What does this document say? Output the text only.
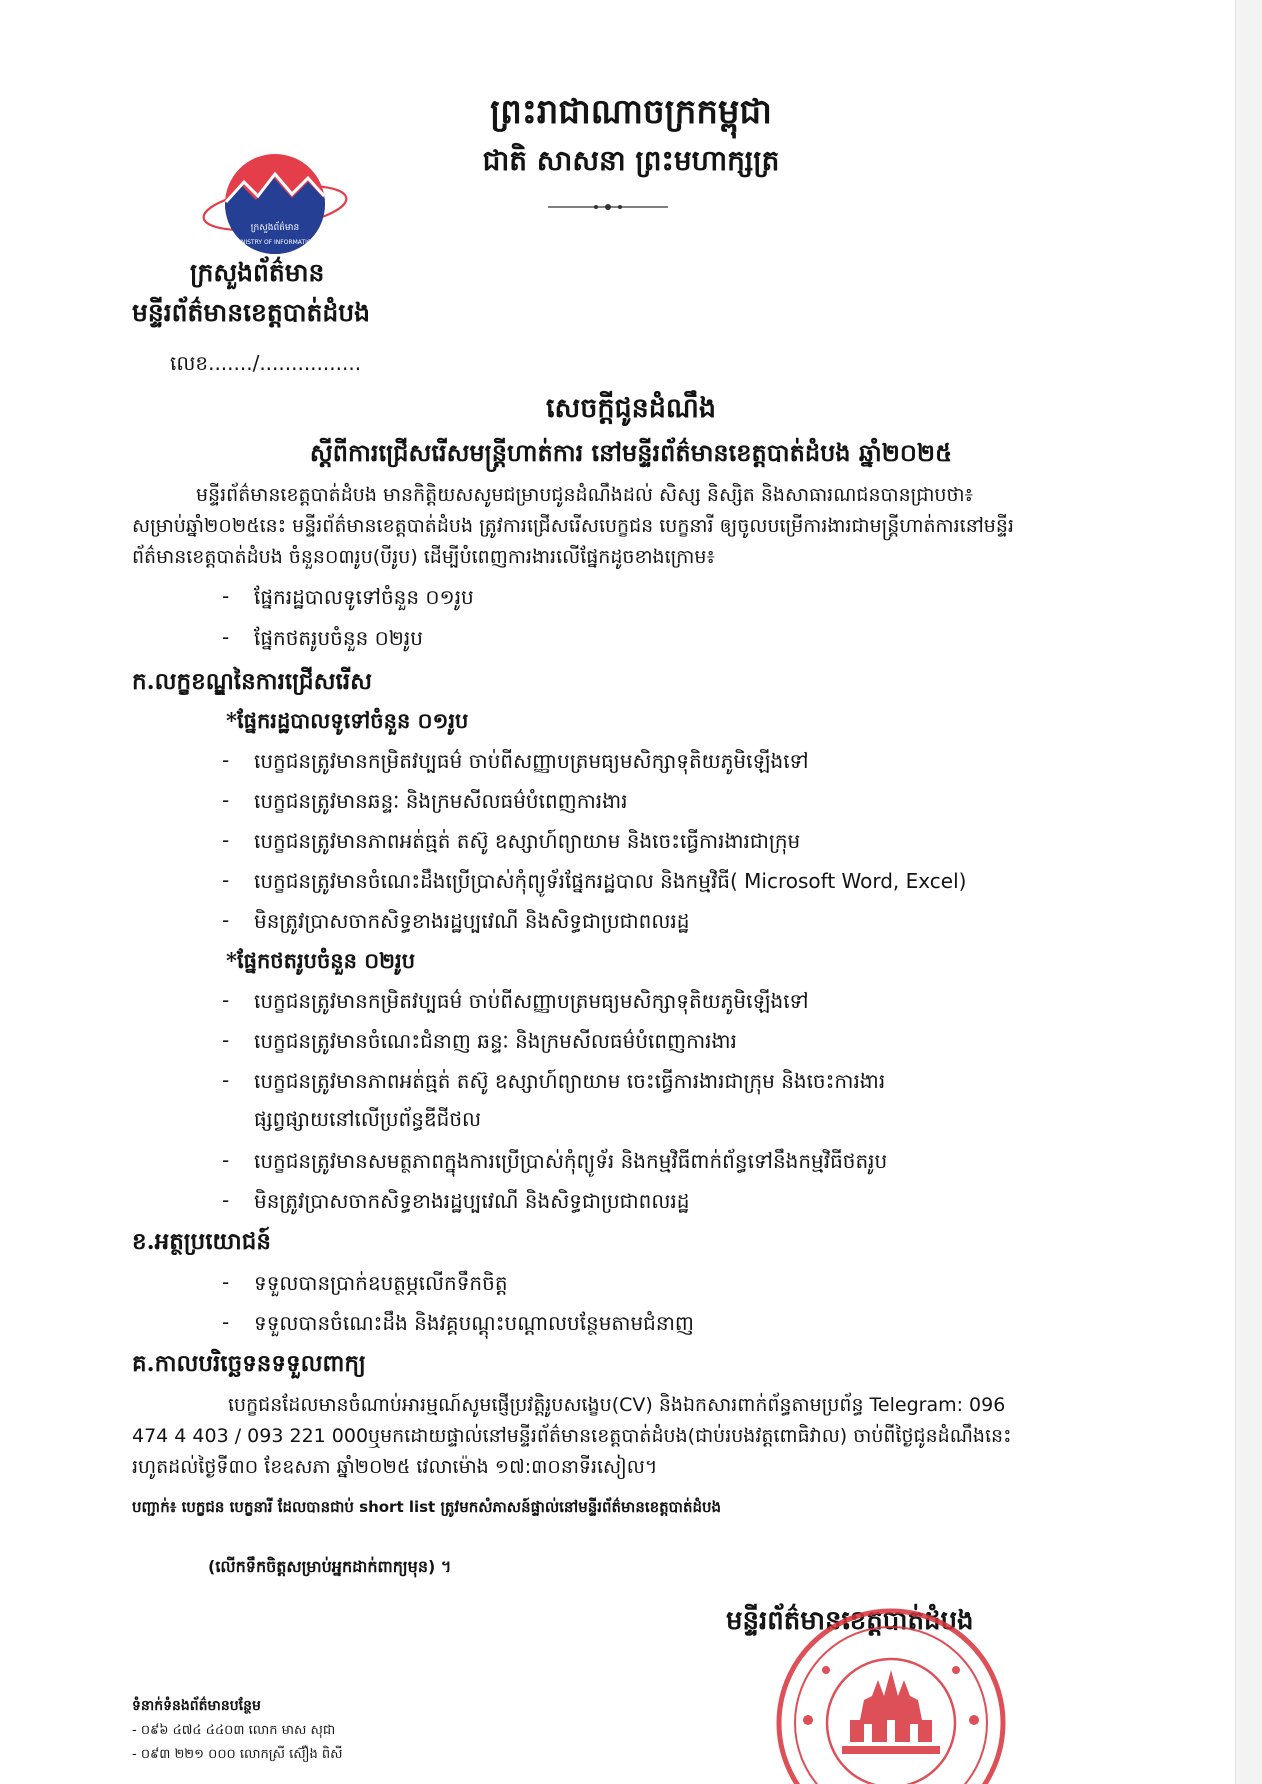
ព្រះរាជាណាចក្រកម្ពុជា
ជាតិ សាសនា ព្រះមហាក្សត្រ
ក្រសួងព័ត៌មាន
MINISTRY OF INFORMATION
ក្រសួងព័ត៌មាន
មន្ទីរព័ត៌មានខេត្តបាត់ដំបង
លេខ......./................
សេចក្តីជូនដំណឹង
ស្តីពីការជ្រើសរើសមន្ត្រីហាត់ការ នៅមន្ទីរព័ត៌មានខេត្តបាត់ដំបង ឆ្នាំ២០២៥
មន្ទីរព័ត៌មានខេត្តបាត់ដំបង មានកិត្តិយសសូមជម្រាបជូនដំណឹងដល់ សិស្ស និស្សិត និងសាធារណជនបានជ្រាបថា៖
សម្រាប់ឆ្នាំ២០២៥នេះ មន្ទីរព័ត៌មានខេត្តបាត់ដំបង ត្រូវការជ្រើសរើសបេក្ខជន បេក្ខនារី ឲ្យចូលបម្រើការងារជាមន្ត្រីហាត់ការនៅមន្ទីរ
ព័ត៌មានខេត្តបាត់ដំបង ចំនួន០៣រូប(បីរូប) ដើម្បីបំពេញការងារលើផ្នែកដូចខាងក្រោម៖
- ផ្នែករដ្ឋបាលទូទៅចំនួន ០១រូប
- ផ្នែកថតរូបចំនួន ០២រូប
ក.លក្ខខណ្ឌនៃការជ្រើសរើស
*ផ្នែករដ្ឋបាលទូទៅចំនួន ០១រូប
- បេក្ខជនត្រូវមានកម្រិតវប្បធម៌ ចាប់ពីសញ្ញាបត្រមធ្យមសិក្សាទុតិយភូមិឡើងទៅ
- បេក្ខជនត្រូវមានឆន្ទៈ និងក្រមសីលធម៌បំពេញការងារ
- បេក្ខជនត្រូវមានភាពអត់ធ្មត់ តស៊ូ ឧស្សាហ៍ព្យាយាម និងចេះធ្វើការងារជាក្រុម
- បេក្ខជនត្រូវមានចំណេះដឹងប្រើប្រាស់កុំព្យូទ័រផ្នែករដ្ឋបាល និងកម្មវិធី( Microsoft Word, Excel)
- មិនត្រូវប្រាសចាកសិទ្ធខាងរដ្ឋប្បវេណី និងសិទ្ធជាប្រជាពលរដ្ឋ
*ផ្នែកថតរូបចំនួន ០២រូប
- បេក្ខជនត្រូវមានកម្រិតវប្បធម៌ ចាប់ពីសញ្ញាបត្រមធ្យមសិក្សាទុតិយភូមិឡើងទៅ
- បេក្ខជនត្រូវមានចំណេះជំនាញ ឆន្ទៈ និងក្រមសីលធម៌បំពេញការងារ
- បេក្ខជនត្រូវមានភាពអត់ធ្មត់ តស៊ូ ឧស្សាហ៍ព្យាយាម ចេះធ្វើការងារជាក្រុម និងចេះការងារ
ផ្សព្វផ្សាយនៅលើប្រព័ន្ធឌីជីថល
- បេក្ខជនត្រូវមានសមត្ថភាពក្នុងការប្រើប្រាស់កុំព្យូទ័រ និងកម្មវិធីពាក់ព័ន្ធទៅនឹងកម្មវិធីថតរូប
- មិនត្រូវប្រាសចាកសិទ្ធខាងរដ្ឋប្បវេណី និងសិទ្ធជាប្រជាពលរដ្ឋ
ខ.អត្ថប្រយោជន៍
- ទទួលបានប្រាក់ឧបត្ថម្ភលើកទឹកចិត្ត
- ទទួលបានចំណេះដឹង និងវគ្គបណ្តុះបណ្តាលបន្ថែមតាមជំនាញ
គ.កាលបរិច្ឆេទនទទួលពាក្យ
បេក្ខជនដែលមានចំណាប់អារម្មណ៍សូមផ្ញើប្រវត្តិរូបសង្ខេប(CV) និងឯកសារពាក់ព័ន្ធតាមប្រព័ន្ធ Telegram: 096
474 4 403 / 093 221 000ឬមកដោយផ្ទាល់នៅមន្ទីរព័ត៌មានខេត្តបាត់ដំបង(ជាប់របងវត្តពោធិវាល) ចាប់ពីថ្ងៃជូនដំណឹងនេះ
រហូតដល់ថ្ងៃទី៣០ ខែឧសភា ឆ្នាំ២០២៥ វេលាម៉ោង ១៧:៣០នាទីរសៀល។
បញ្ជាក់៖ បេក្ខជន បេក្ខនារី ដែលបានជាប់ short list ត្រូវមកសំភាសន៍ផ្ទាល់នៅមន្ទីរព័ត៌មានខេត្តបាត់ដំបង
(លើកទឹកចិត្តសម្រាប់អ្នកដាក់ពាក្យមុន) ។
មន្ទីរព័ត៌មានខេត្តបាត់ដំបង
ទំនាក់ទំនងព័ត៌មានបន្ថែម
- ០៩៦ ៤៧៤ ៤៤០៣ លោក មាស សុជា
- ០៩៣ ២២១ ០០០ លោកស្រី ស៊ឿង ពិសី
